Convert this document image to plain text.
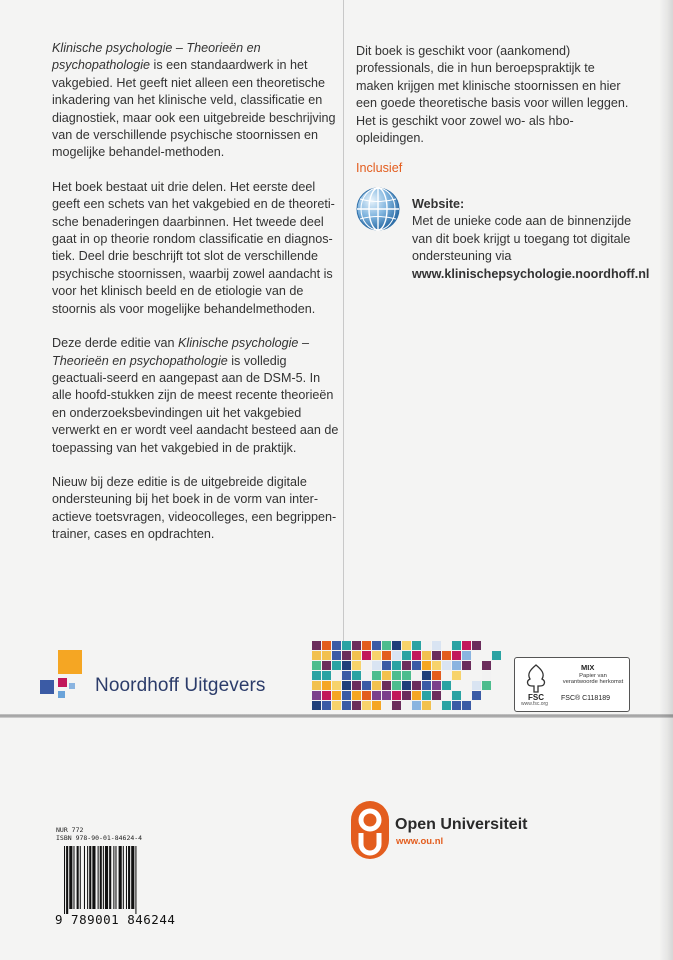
Klinische psychologie – Theorieën en psychopathologie is een standaardwerk in het vakgebied. Het geeft niet alleen een theoretische inkadering van het klinische veld, classificatie en diagnostiek, maar ook een uitgebreide beschrijving van de verschillende psychische stoornissen en mogelijke behandel-methoden.

Het boek bestaat uit drie delen. Het eerste deel geeft een schets van het vakgebied en de theoreti-sche benaderingen daarbinnen. Het tweede deel gaat in op theorie rondom classificatie en diagnos-tiek. Deel drie beschrijft tot slot de verschillende psychische stoornissen, waarbij zowel aandacht is voor het klinisch beeld en de etiologie van de stoornis als voor mogelijke behandelmethoden.

Deze derde editie van Klinische psychologie – Theorieën en psychopathologie is volledig geactuali-seerd en aangepast aan de DSM-5. In alle hoofd-stukken zijn de meest recente theorieën en onderzoeksbevindingen uit het vakgebied verwerkt en er wordt veel aandacht besteed aan de toepassing van het vakgebied in de praktijk.

Nieuw bij deze editie is de uitgebreide digitale ondersteuning bij het boek in de vorm van inter-actieve toetsvragen, videocolleges, een begrippen-trainer, cases en opdrachten.

Dit boek is geschikt voor (aankomend) professionals, die in hun beroepspraktijk te maken krijgen met klinische stoornissen en hier een goede theoretische basis voor willen leggen. Het is geschikt voor zowel wo- als hbo-opleidingen.

Inclusief
Website:
Met de unieke code aan de binnenzijde van dit boek krijgt u toegang tot digitale ondersteuning via
www.klinischepsychologie.noordhoff.nl
Noordhoff Uitgevers
FSC
www.fsc.org
MIX
Papier van verantwoorde herkomst
FSC® C118189
Open Universiteit
www.ou.nl
NUR 772
ISBN 978-90-01-84624-4
9 789001 846244
